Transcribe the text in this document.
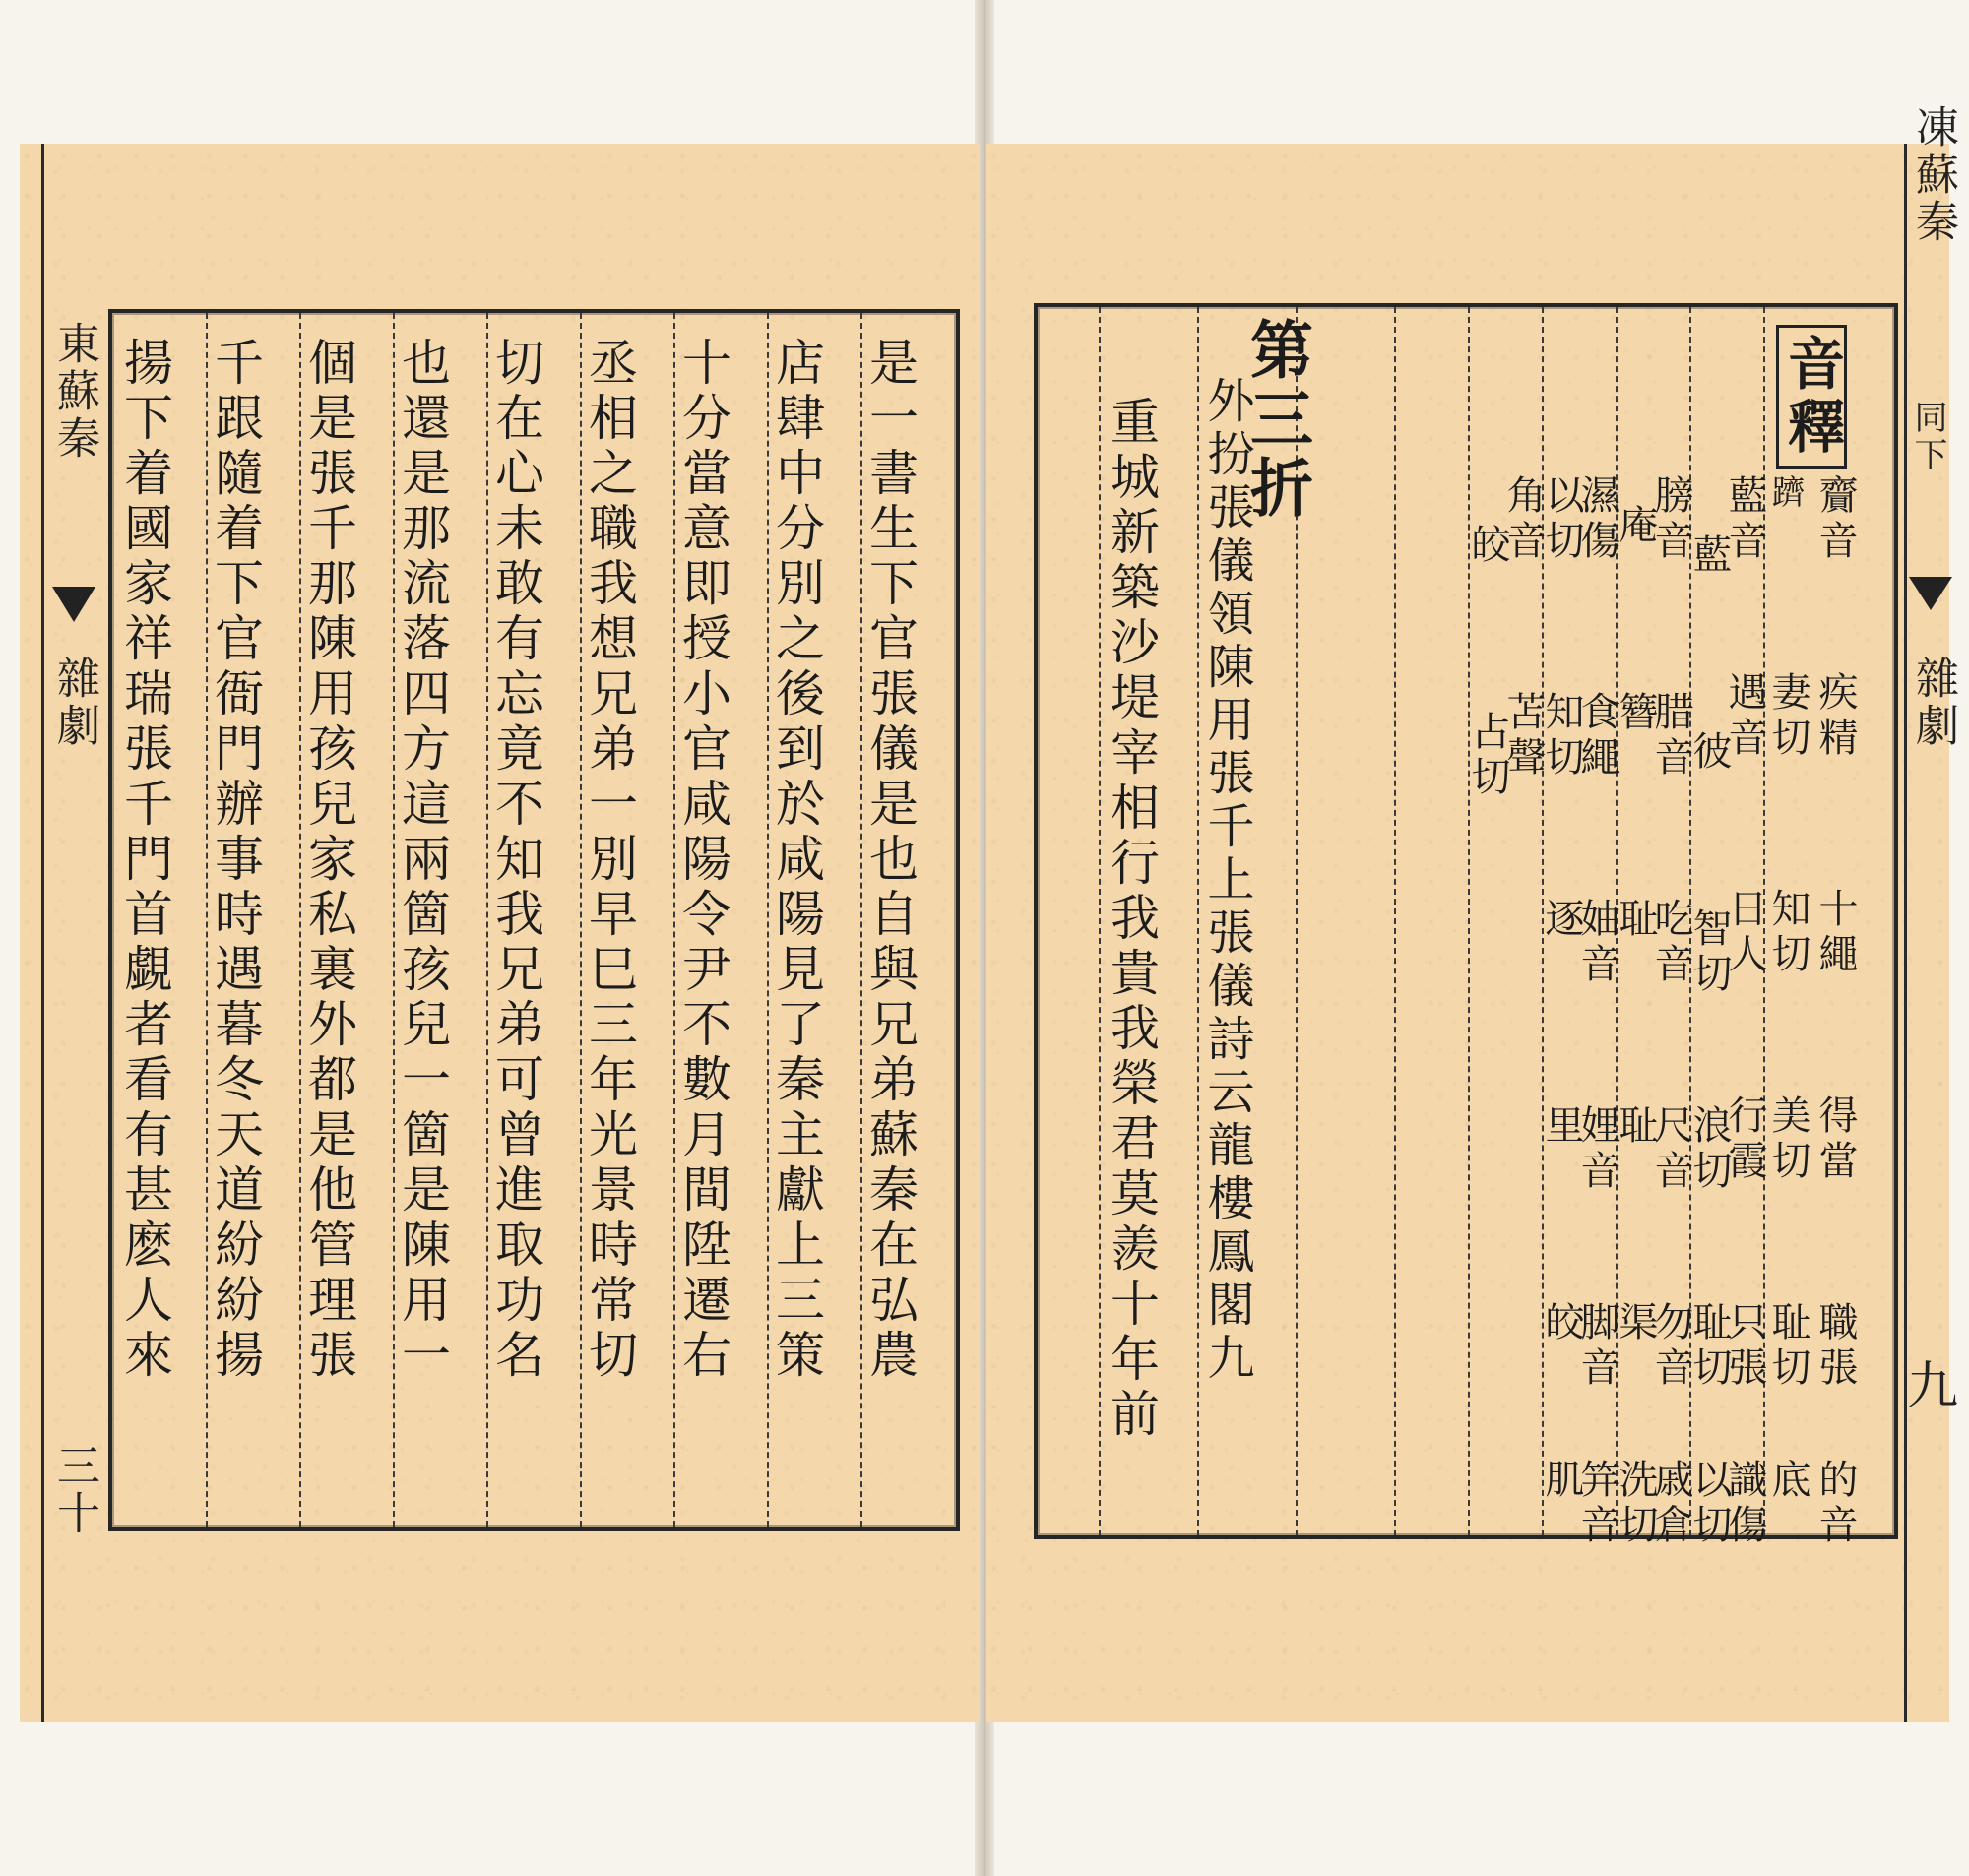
東蘇秦
雜劇
三十
是一書生下官張儀是也自與兄弟蘇秦在弘農
店肆中分別之後到於咸陽見了秦主獻上三策
十分當意即授小官咸陽令尹不數月間陞遷右
丞相之職我想兄弟一別早巳三年光景時常切
切在心未敢有忘竟不知我兄弟可曾進取功名
也還是那流落四方這兩箇孩兒一箇是陳用一
個是張千那陳用孩兒家私裏外都是他管理張
千跟隨着下官衙門辦事時遇暮冬天道紛紛揚
揚下着國家祥瑞張千門首覷者看有甚麽人來	重城新築沙堤宰相行我貴我榮君莫羨十年前 外扮張儀領陳用張千上張儀詩云龍樓鳳閣九
第三折	音釋
齎音
躋
疾精
妻切
十繩
知切
得當
美切
職張
耻切
的音
底
藍音
藍
遇音
彼
日人
智切
行霞
浪切
只張
耻切
識傷
以切
膀音
庵
腊音
簪
吃音
耻
尺音
耻
勿音
渠
戚倉
洗切
濕傷
以切
食繩
知切
妯音
逐
娌音
里
脚音
皎
笄音
肌
角音
皎
苫聲
占切
凍蘇秦
同下
雜劇
九
